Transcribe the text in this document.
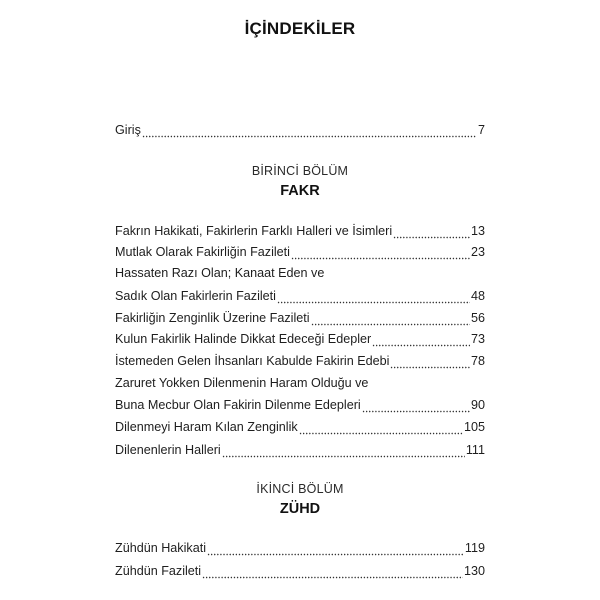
İÇİNDEKİLER
Giriş	7
BİRİNCİ BÖLÜM
FAKR
Fakrın Hakikati, Fakirlerin Farklı Halleri ve İsimleri	13
Mutlak Olarak Fakirliğin Fazileti	23
Hassaten Razı Olan; Kanaat Eden ve
Sadık Olan Fakirlerin Fazileti	48
Fakirliğin Zenginlik Üzerine Fazileti	56
Kulun Fakirlik Halinde Dikkat Edeceği Edepler	73
İstemeden Gelen İhsanları Kabulde Fakirin Edebi	78
Zaruret Yokken Dilenmenin Haram Olduğu ve
Buna Mecbur Olan Fakirin Dilenme Edepleri	90
Dilenmeyi Haram Kılan Zenginlik	105
Dilenenlerin Halleri	111
İKİNCİ BÖLÜM
ZÜHD
Zühdün Hakikati	119
Zühdün Fazileti	130
